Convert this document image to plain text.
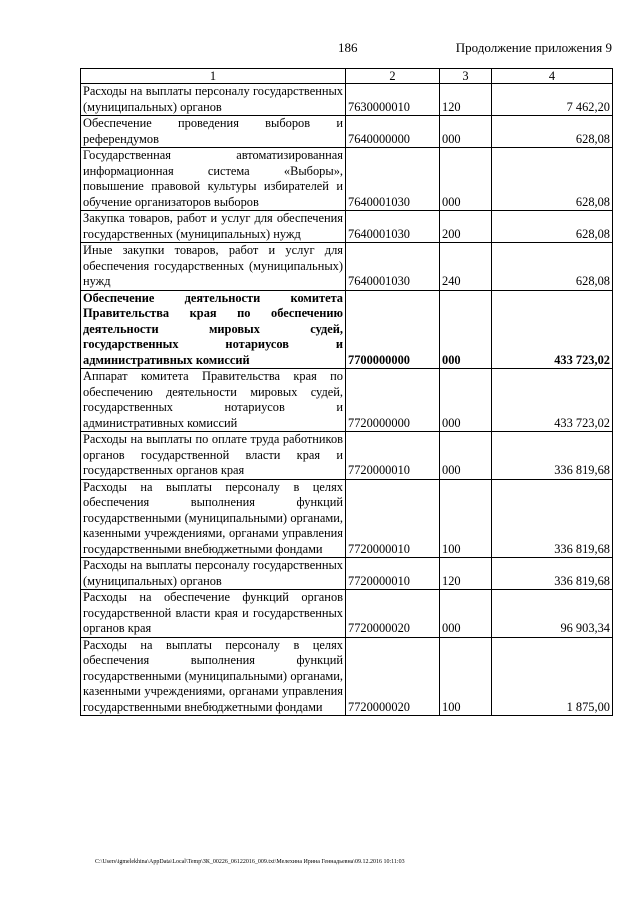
186	Продолжение приложения 9
1	2	3	4
Расходы на выплаты персоналу государственных (муниципальных) органов	7630000010	120	7 462,20
Обеспечение проведения выборов и референдумов	7640000000	000	628,08
Государственная автоматизированная информационная система «Выборы», повышение правовой культуры избирателей и обучение организаторов выборов	7640001030	000	628,08
Закупка товаров, работ и услуг для обеспечения государственных (муниципальных) нужд	7640001030	200	628,08
Иные закупки товаров, работ и услуг для обеспечения государственных (муниципальных) нужд	7640001030	240	628,08
Обеспечение деятельности комитета Правительства края по обеспечению деятельности мировых судей, государственных нотариусов и административных комиссий	7700000000	000	433 723,02
Аппарат комитета Правительства края по обеспечению деятельности мировых судей, государственных нотариусов и административных комиссий	7720000000	000	433 723,02
Расходы на выплаты по оплате труда работников органов государственной власти края и государственных органов края	7720000010	000	336 819,68
Расходы на выплаты персоналу в целях обеспечения выполнения функций государственными (муниципальными) органами, казенными учреждениями, органами управления государственными внебюджетными фондами	7720000010	100	336 819,68
Расходы на выплаты персоналу государственных (муниципальных) органов	7720000010	120	336 819,68
Расходы на обеспечение функций органов государственной власти края и государственных органов края	7720000020	000	96 903,34
Расходы на выплаты персоналу в целях обеспечения выполнения функций государственными (муниципальными) органами, казенными учреждениями, органами управления государственными внебюджетными фондами	7720000020	100	1 875,00
C:\Users\igmelekhina\AppData\Local\Temp\ЗК_00226_06122016_009.txt\Мелехина Ирина Геннадьевна\09.12.2016 10:11:03
